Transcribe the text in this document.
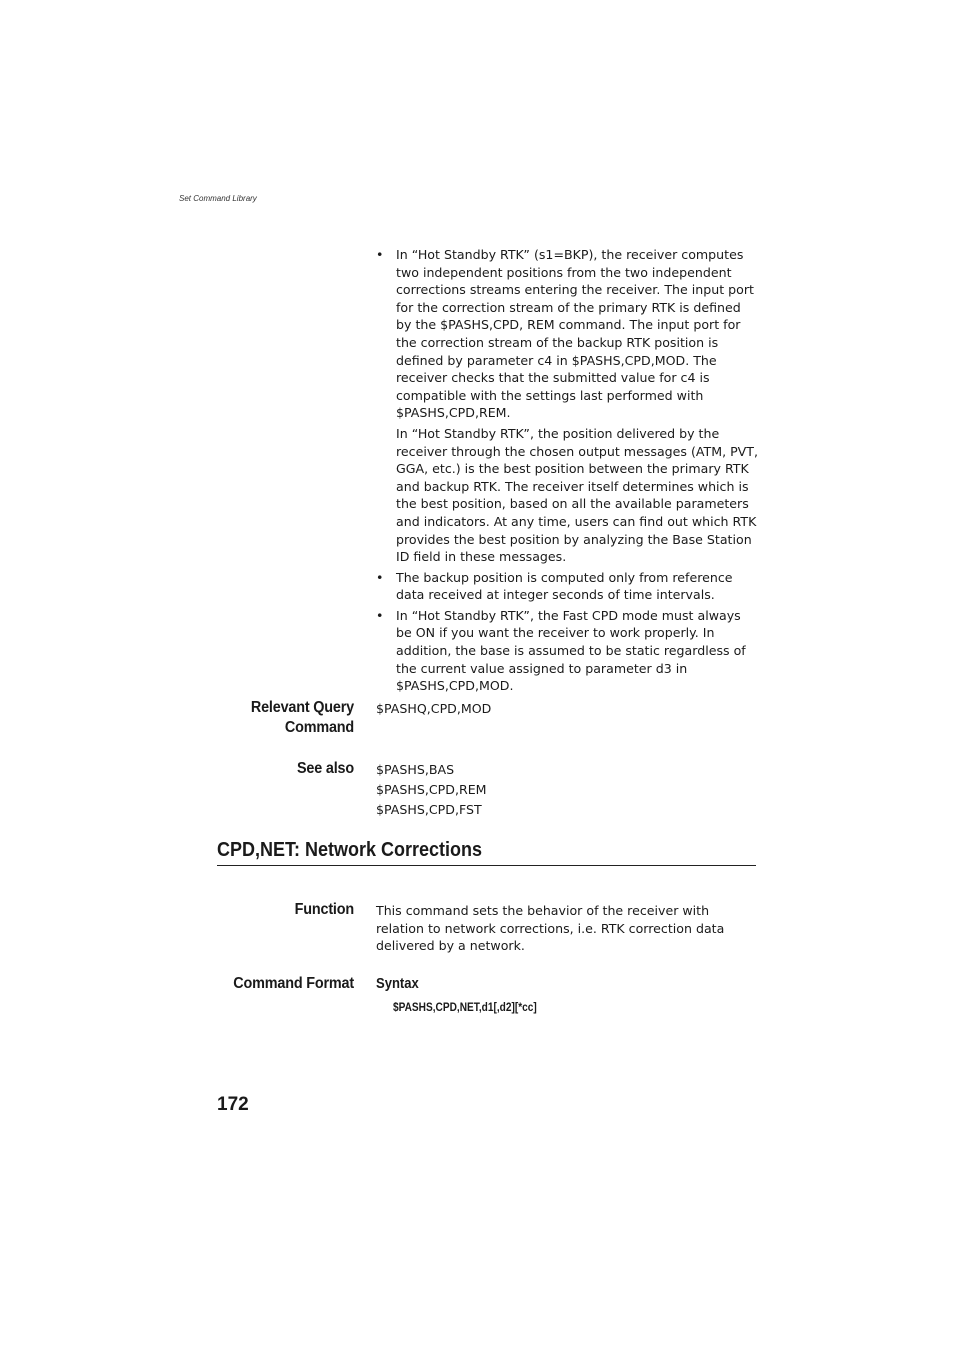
Set Command Library
• In “Hot Standby RTK” (s1=BKP), the receiver computes two independent positions from the two independent corrections streams entering the receiver. The input port for the correction stream of the primary RTK is defined by the $PASHS,CPD, REM command. The input port for the correction stream of the backup RTK position is defined by parameter c4 in $PASHS,CPD,MOD. The receiver checks that the submitted value for c4 is compatible with the settings last performed with $PASHS,CPD,REM.

In “Hot Standby RTK”, the position delivered by the receiver through the chosen output messages (ATM, PVT, GGA, etc.) is the best position between the primary RTK and backup RTK. The receiver itself determines which is the best position, based on all the available parameters and indicators. At any time, users can find out which RTK provides the best position by analyzing the Base Station ID field in these messages.

• The backup position is computed only from reference data received at integer seconds of time intervals.

• In “Hot Standby RTK”, the Fast CPD mode must always be ON if you want the receiver to work properly. In addition, the base is assumed to be static regardless of the current value assigned to parameter d3 in $PASHS,CPD,MOD.

Relevant Query
Command
$PASHQ,CPD,MOD
See also $PASHS,BAS
$PASHS,CPD,REM
$PASHS,CPD,FST
CPD,NET: Network Corrections
Function This command sets the behavior of the receiver with relation to network corrections, i.e. RTK correction data delivered by a network.

Command Format Syntax
$PASHS,CPD,NET,d1[,d2][*cc]
172
